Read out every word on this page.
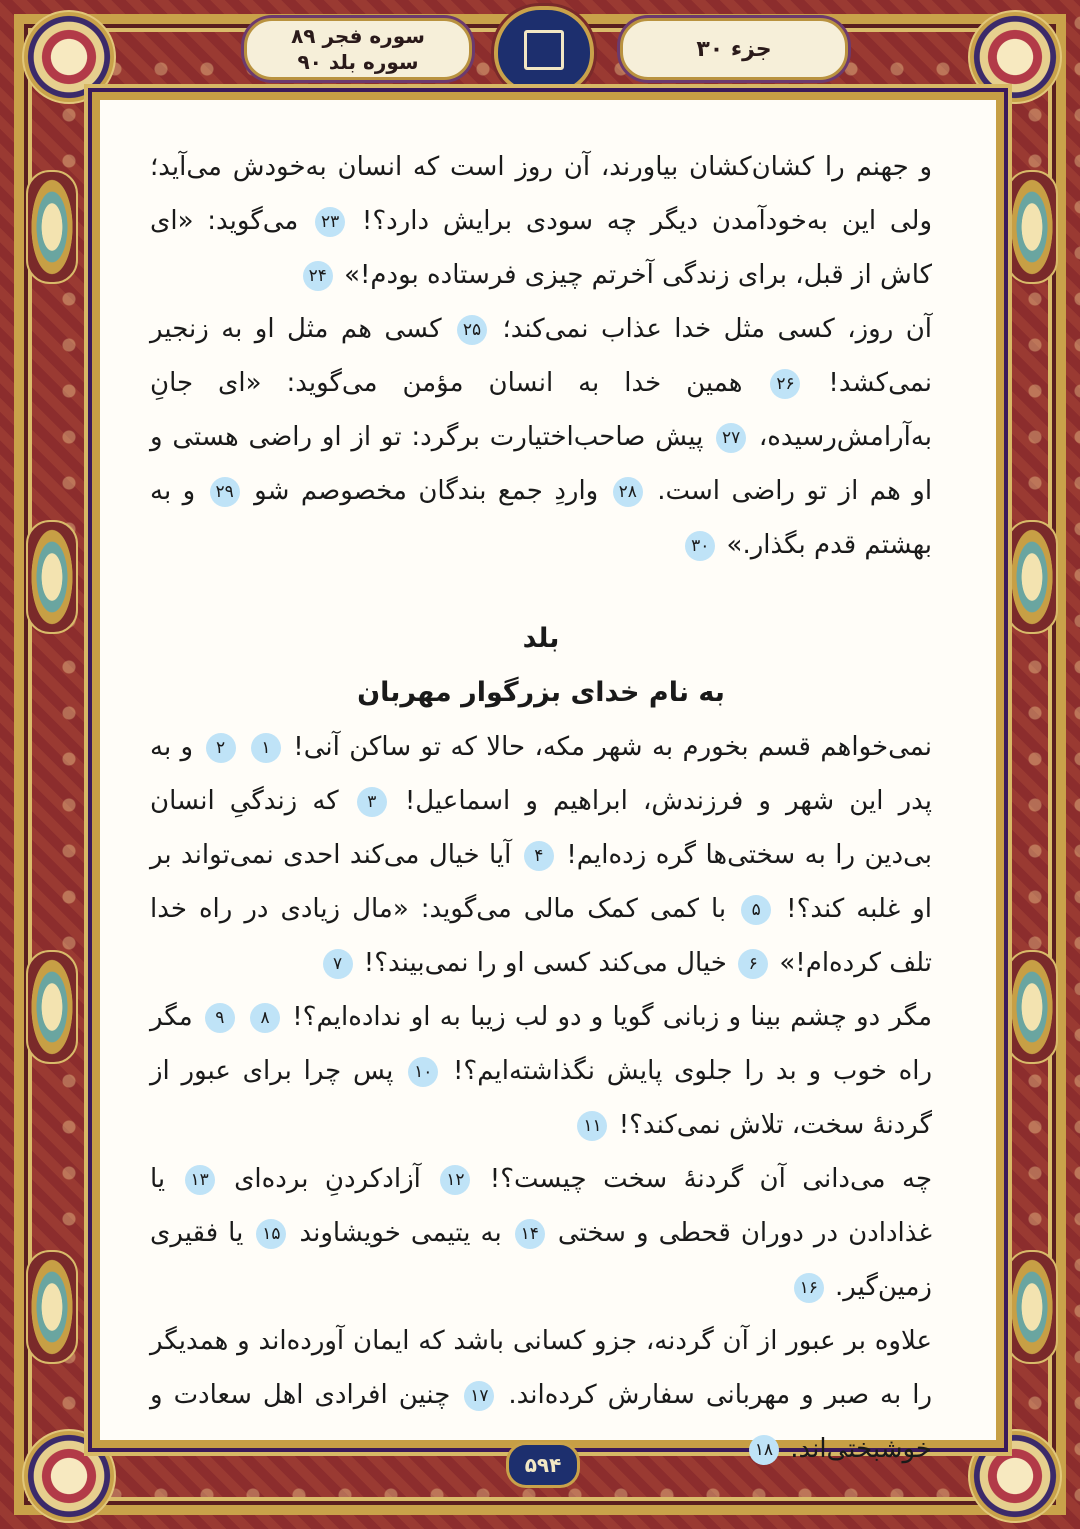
سوره فجر ۸۹
سوره بلد ۹۰
جزء ۳۰

و جهنم را کشان‌کشان بیاورند، آن روز است که انسان به‌خودش می‌آید؛ ولی این به‌خودآمدن دیگر چه سودی برایش دارد؟! ۲۳ می‌گوید: «ای کاش از قبل، برای زندگی آخرتم چیزی فرستاده بودم!» ۲۴

آن روز، کسی مثل خدا عذاب نمی‌کند؛ ۲۵ کسی هم مثل او به زنجیر نمی‌کشد! ۲۶ همین خدا به انسان مؤمن می‌گوید: «ای جانِ به‌آرامش‌رسیده، ۲۷ پیش صاحب‌اختیارت برگرد: تو از او راضی هستی و او هم از تو راضی است. ۲۸ واردِ جمع بندگان مخصوصم شو ۲۹ و به بهشتم قدم بگذار.» ۳۰

بلد

به نام خدای بزرگوار مهربان

نمی‌خواهم قسم بخورم به شهر مکه، حالا که تو ساکن آنی! ۱ ۲ و به پدر این شهر و فرزندش، ابراهیم و اسماعیل! ۳ که زندگیِ انسان بی‌دین را به سختی‌ها گره زده‌ایم! ۴ آیا خیال می‌کند احدی نمی‌تواند بر او غلبه کند؟! ۵ با کمی کمک مالی می‌گوید: «مال زیادی در راه خدا تلف کرده‌ام!» ۶ خیال می‌کند کسی او را نمی‌بیند؟! ۷

مگر دو چشم بینا و زبانی گویا و دو لب زیبا به او نداده‌ایم؟! ۸ ۹ مگر راه خوب و بد را جلوی پایش نگذاشته‌ایم؟! ۱۰ پس چرا برای عبور از گردنهٔ سخت، تلاش نمی‌کند؟! ۱۱

چه می‌دانی آن گردنهٔ سخت چیست؟! ۱۲ آزادکردنِ برده‌ای ۱۳ یا غذادادن در دوران قحطی و سختی ۱۴ به یتیمی خویشاوند ۱۵ یا فقیری زمین‌گیر. ۱۶

علاوه بر عبور از آن گردنه، جزو کسانی باشد که ایمان آورده‌اند و همدیگر را به صبر و مهربانی سفارش کرده‌اند. ۱۷ چنین افرادی اهل سعادت و خوشبختی‌اند. ۱۸

۵۹۴
